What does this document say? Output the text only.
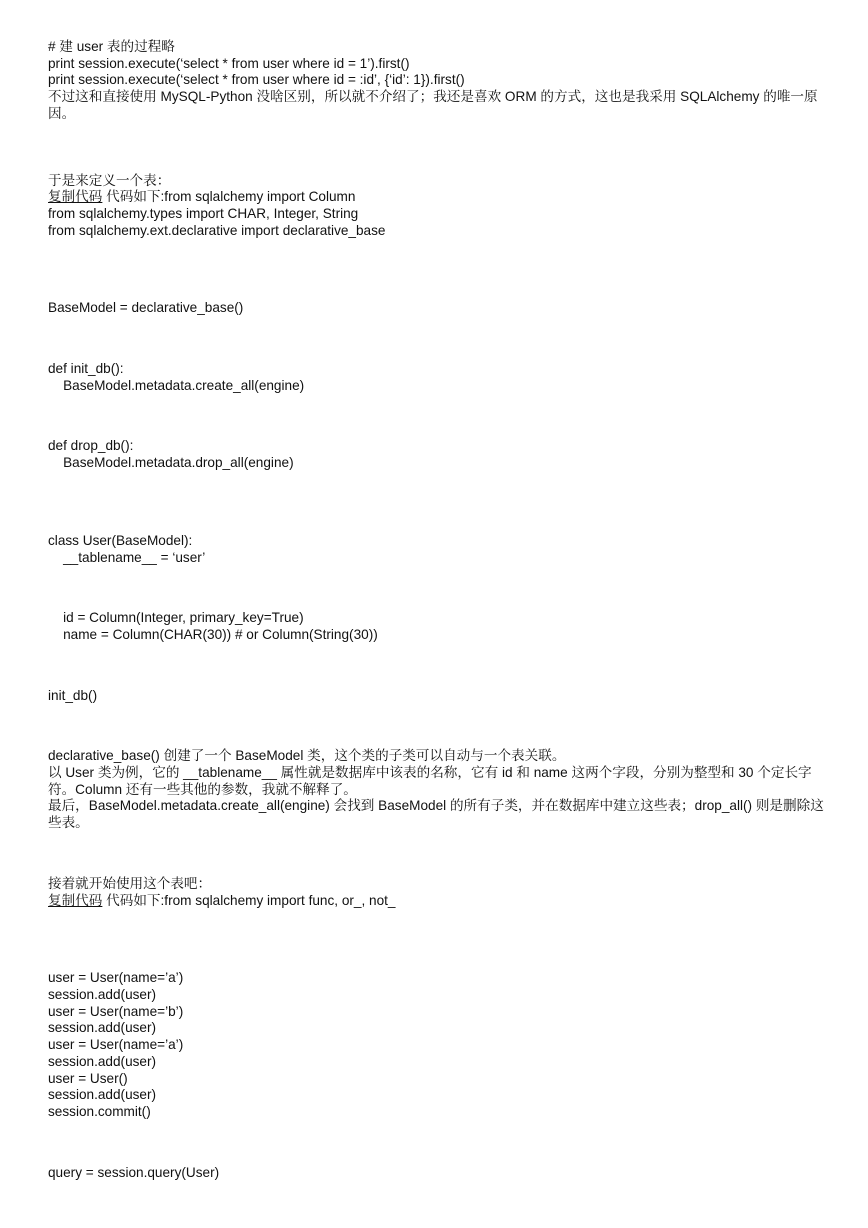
# 建 user 表的过程略
print session.execute(‘select * from user where id = 1’).first()
print session.execute(‘select * from user where id = :id’, {‘id’: 1}).first()
不过这和直接使用 MySQL-Python 没啥区别，所以就不介绍了；我还是喜欢 ORM 的方式，这也是我采用 SQLAlchemy 的唯一原因。
于是来定义一个表：
复制代码 代码如下:from sqlalchemy import Column
from sqlalchemy.types import CHAR, Integer, String
from sqlalchemy.ext.declarative import declarative_base
BaseModel = declarative_base()
def init_db():
BaseModel.metadata.create_all(engine)
def drop_db():
BaseModel.metadata.drop_all(engine)
class User(BaseModel):
__tablename__ = ‘user’
id = Column(Integer, primary_key=True)
name = Column(CHAR(30)) # or Column(String(30))
init_db()
declarative_base() 创建了一个 BaseModel 类，这个类的子类可以自动与一个表关联。
以 User 类为例，它的 __tablename__ 属性就是数据库中该表的名称，它有 id 和 name 这两个字段，分别为整型和 30 个定长字符。Column 还有一些其他的参数，我就不解释了。
最后，BaseModel.metadata.create_all(engine) 会找到 BaseModel 的所有子类，并在数据库中建立这些表；drop_all() 则是删除这些表。
接着就开始使用这个表吧：
复制代码 代码如下:from sqlalchemy import func, or_, not_
user = User(name=’a’)
session.add(user)
user = User(name=’b’)
session.add(user)
user = User(name=’a’)
session.add(user)
user = User()
session.add(user)
session.commit()
query = session.query(User)
